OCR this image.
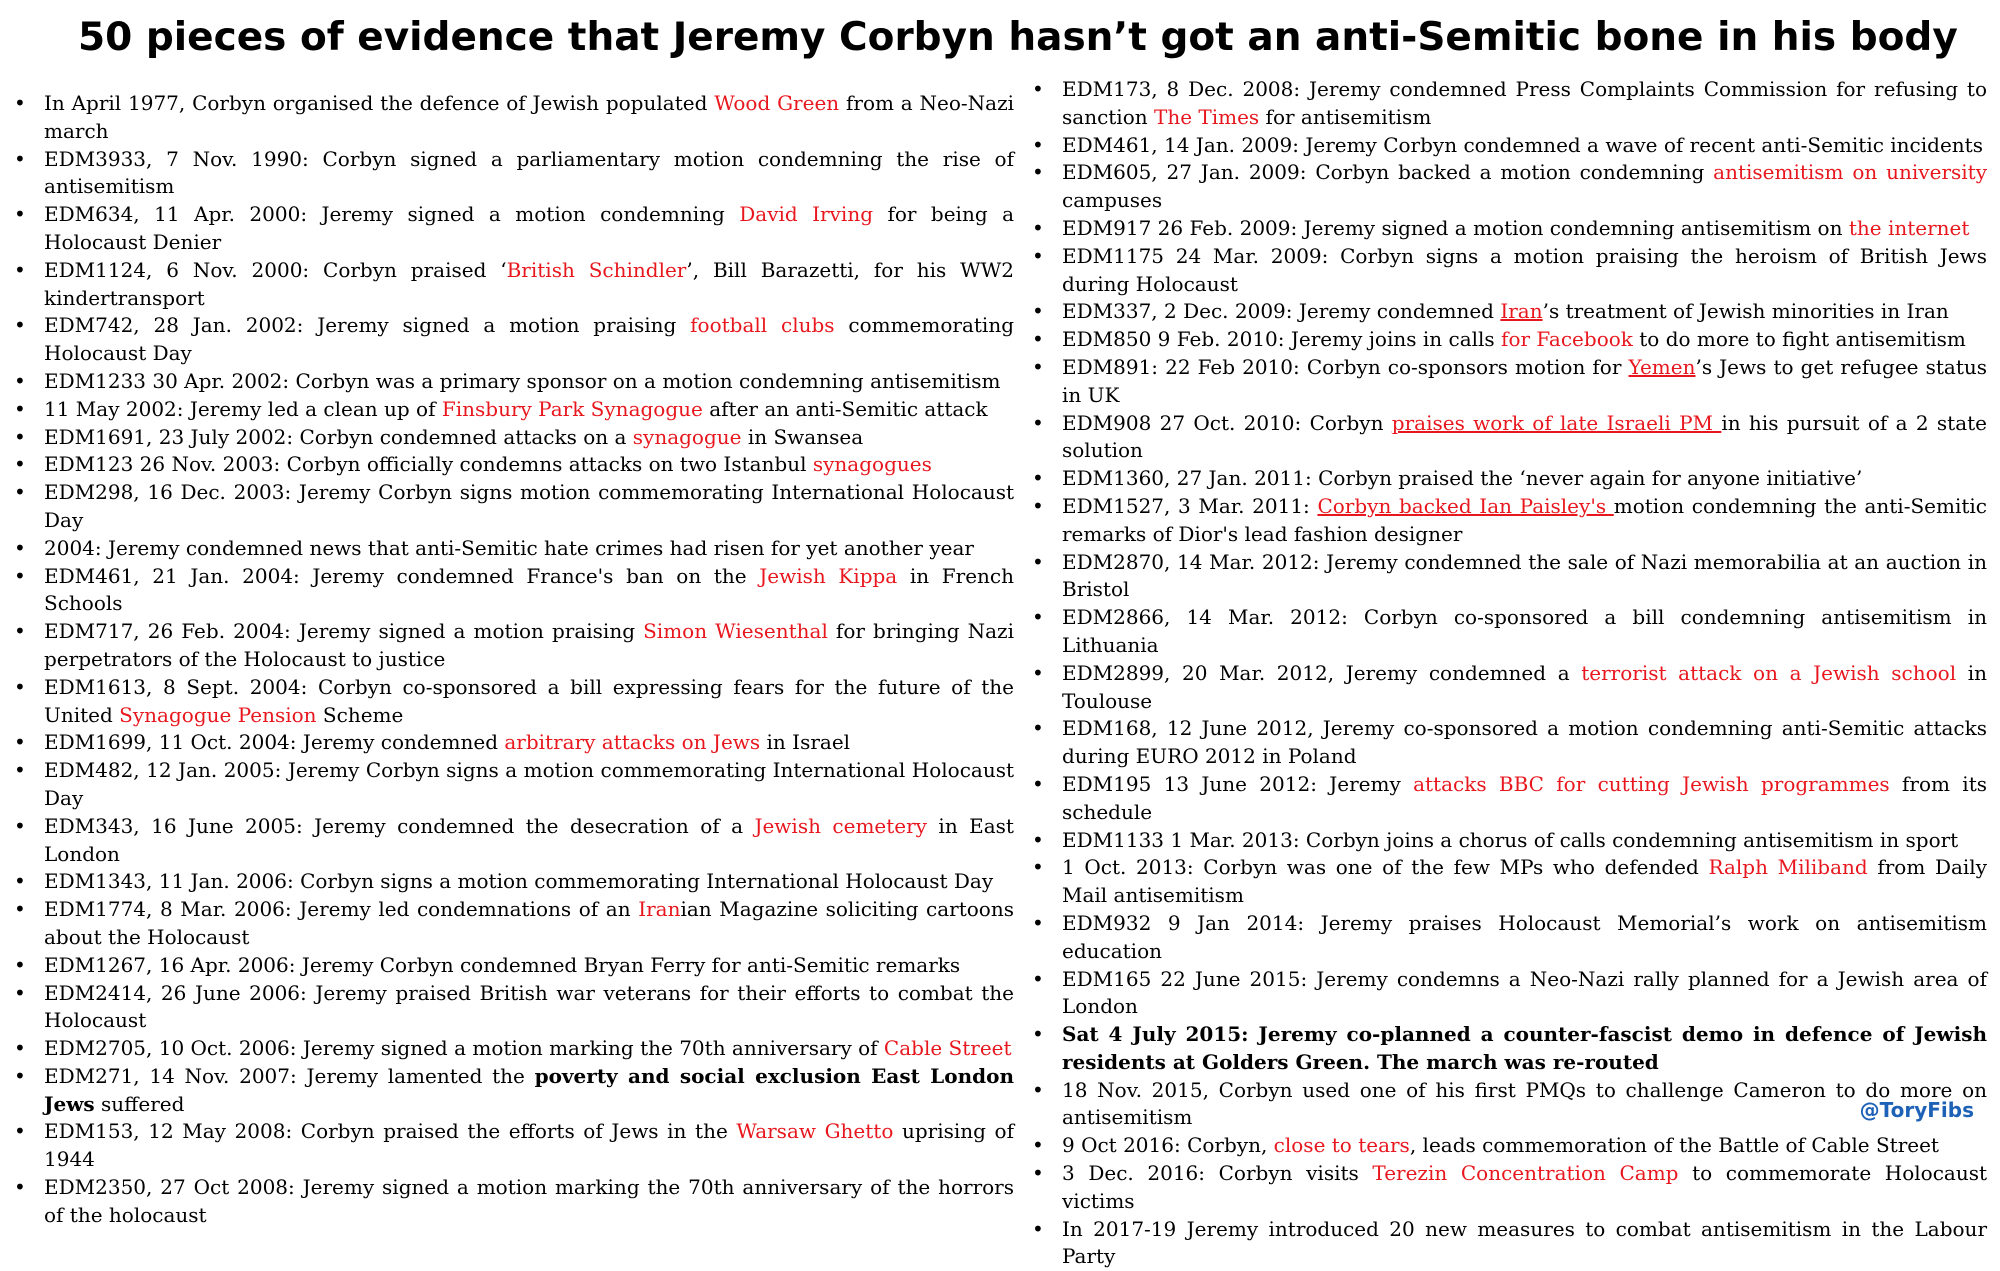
50 pieces of evidence that Jeremy Corbyn hasn’t got an anti-Semitic bone in his body
• In April 1977, Corbyn organised the defence of Jewish populated Wood Green from a Neo-Nazi march
• EDM3933, 7 Nov. 1990: Corbyn signed a parliamentary motion condemning the rise of antisemitism
• EDM634, 11 Apr. 2000: Jeremy signed a motion condemning David Irving for being a Holocaust Denier
• EDM1124, 6 Nov. 2000: Corbyn praised ‘British Schindler’, Bill Barazetti, for his WW2 kindertransport
• EDM742, 28 Jan. 2002: Jeremy signed a motion praising football clubs commemorating Holocaust Day
• EDM1233 30 Apr. 2002: Corbyn was a primary sponsor on a motion condemning antisemitism
• 11 May 2002: Jeremy led a clean up of Finsbury Park Synagogue after an anti-Semitic attack
• EDM1691, 23 July 2002: Corbyn condemned attacks on a synagogue in Swansea
• EDM123 26 Nov. 2003: Corbyn officially condemns attacks on two Istanbul synagogues
• EDM298, 16 Dec. 2003: Jeremy Corbyn signs motion commemorating International Holocaust Day
• 2004: Jeremy condemned news that anti-Semitic hate crimes had risen for yet another year
• EDM461, 21 Jan. 2004: Jeremy condemned France's ban on the Jewish Kippa in French Schools
• EDM717, 26 Feb. 2004: Jeremy signed a motion praising Simon Wiesenthal for bringing Nazi perpetrators of the Holocaust to justice
• EDM1613, 8 Sept. 2004: Corbyn co-sponsored a bill expressing fears for the future of the United Synagogue Pension Scheme
• EDM1699, 11 Oct. 2004: Jeremy condemned arbitrary attacks on Jews in Israel
• EDM482, 12 Jan. 2005: Jeremy Corbyn signs a motion commemorating International Holocaust Day
• EDM343, 16 June 2005: Jeremy condemned the desecration of a Jewish cemetery in East London
• EDM1343, 11 Jan. 2006: Corbyn signs a motion commemorating International Holocaust Day
• EDM1774, 8 Mar. 2006: Jeremy led condemnations of an Iranian Magazine soliciting cartoons about the Holocaust
• EDM1267, 16 Apr. 2006: Jeremy Corbyn condemned Bryan Ferry for anti-Semitic remarks
• EDM2414, 26 June 2006: Jeremy praised British war veterans for their efforts to combat the Holocaust
• EDM2705, 10 Oct. 2006: Jeremy signed a motion marking the 70th anniversary of Cable Street
• EDM271, 14 Nov. 2007: Jeremy lamented the poverty and social exclusion East London Jews suffered
• EDM153, 12 May 2008: Corbyn praised the efforts of Jews in the Warsaw Ghetto uprising of 1944
• EDM2350, 27 Oct 2008: Jeremy signed a motion marking the 70th anniversary of the horrors of the holocaust
• EDM173, 8 Dec. 2008: Jeremy condemned Press Complaints Commission for refusing to sanction The Times for antisemitism
• EDM461, 14 Jan. 2009: Jeremy Corbyn condemned a wave of recent anti-Semitic incidents
• EDM605, 27 Jan. 2009: Corbyn backed a motion condemning antisemitism on university campuses
• EDM917 26 Feb. 2009: Jeremy signed a motion condemning antisemitism on the internet
• EDM1175 24 Mar. 2009: Corbyn signs a motion praising the heroism of British Jews during Holocaust
• EDM337, 2 Dec. 2009: Jeremy condemned Iran’s treatment of Jewish minorities in Iran
• EDM850 9 Feb. 2010: Jeremy joins in calls for Facebook to do more to fight antisemitism
• EDM891: 22 Feb 2010: Corbyn co-sponsors motion for Yemen’s Jews to get refugee status in UK
• EDM908 27 Oct. 2010: Corbyn praises work of late Israeli PM in his pursuit of a 2 state solution
• EDM1360, 27 Jan. 2011: Corbyn praised the ‘never again for anyone initiative’
• EDM1527, 3 Mar. 2011: Corbyn backed Ian Paisley's motion condemning the anti-Semitic remarks of Dior's lead fashion designer
• EDM2870, 14 Mar. 2012: Jeremy condemned the sale of Nazi memorabilia at an auction in Bristol
• EDM2866, 14 Mar. 2012: Corbyn co-sponsored a bill condemning antisemitism in Lithuania
• EDM2899, 20 Mar. 2012, Jeremy condemned a terrorist attack on a Jewish school in Toulouse
• EDM168, 12 June 2012, Jeremy co-sponsored a motion condemning anti-Semitic attacks during EURO 2012 in Poland
• EDM195 13 June 2012: Jeremy attacks BBC for cutting Jewish programmes from its schedule
• EDM1133 1 Mar. 2013: Corbyn joins a chorus of calls condemning antisemitism in sport
• 1 Oct. 2013: Corbyn was one of the few MPs who defended Ralph Miliband from Daily Mail antisemitism
• EDM932 9 Jan 2014: Jeremy praises Holocaust Memorial’s work on antisemitism education
• EDM165 22 June 2015: Jeremy condemns a Neo-Nazi rally planned for a Jewish area of London
• Sat 4 July 2015: Jeremy co-planned a counter-fascist demo in defence of Jewish residents at Golders Green. The march was re-routed
• 18 Nov. 2015, Corbyn used one of his first PMQs to challenge Cameron to do more on antisemitism
• 9 Oct 2016: Corbyn, close to tears, leads commemoration of the Battle of Cable Street
• 3 Dec. 2016: Corbyn visits Terezin Concentration Camp to commemorate Holocaust victims
• In 2017-19 Jeremy introduced 20 new measures to combat antisemitism in the Labour Party
@ToryFibs
